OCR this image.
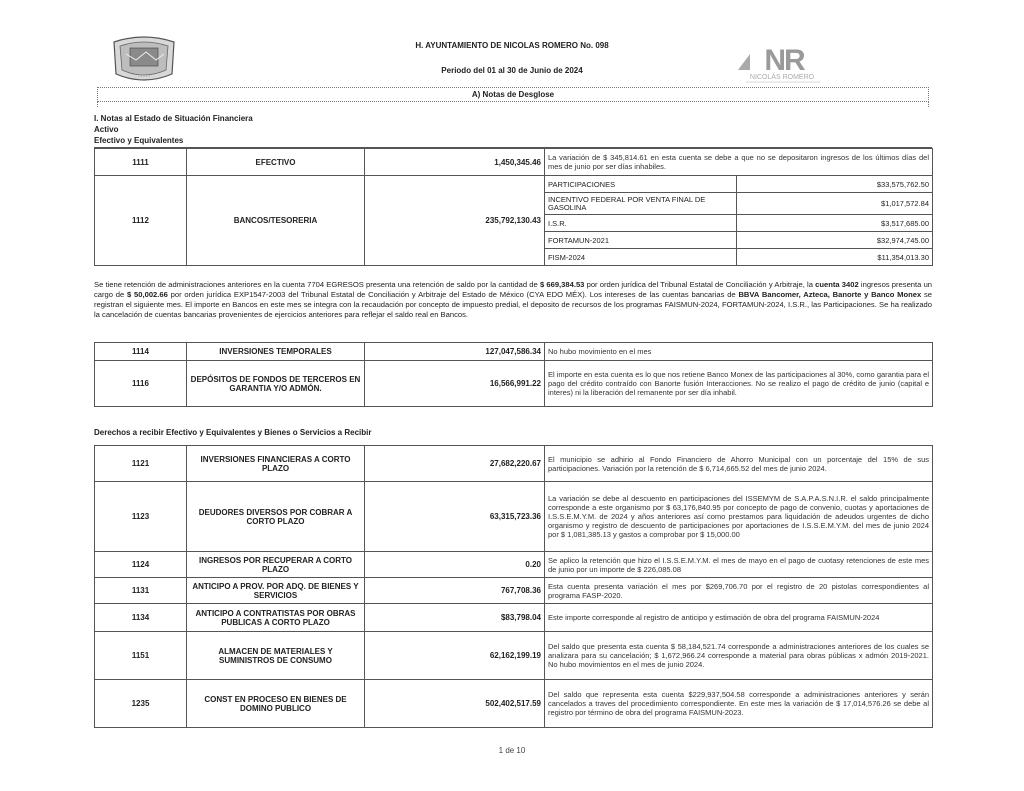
· · · · ·	NR
NICOLÁS ROMERO
H. AYUNTAMIENTO DE NICOLAS ROMERO No. 098
Periodo del 01 al 30 de Junio de 2024
A) Notas de Desglose
I. Notas al Estado de Situación Financiera
Activo
Efectivo y Equivalentes
1111	EFECTIVO	1,450,345.46	La variación de $ 345,814.61 en esta cuenta se debe a que no se depositaron ingresos de los últimos días del mes de junio por ser días inhabiles.	
1112	BANCOS/TESORERIA	235,792,130.43	PARTICIPACIONES	$33,575,762.50
			INCENTIVO FEDERAL POR VENTA FINAL DE GASOLINA	$1,017,572.84
			I.S.R.	$3,517,685.00
			FORTAMUN-2021	$32,974,745.00
			FISM-2024	$11,354,013.30
Se tiene retención de administraciones anteriores en la cuenta 7704 EGRESOS presenta una retención de saldo por la cantidad de $ 669,384.53 por orden jurídica del Tribunal Estatal de Conciliación y Arbitraje, la cuenta 3402 ingresos presenta un cargo de $ 50,002.66 por orden jurídica EXP1547-2003 del Tribunal Estatal de Conciliación y Arbitraje del Estado de México (CYA EDO MÉX). Los intereses de las cuentas bancarias de BBVA Bancomer, Azteca, Banorte y Banco Monex se registran el siguiente mes. El importe en Bancos en este mes se integra con la recaudación por concepto de impuesto predial, el deposito de recursos de los programas FAISMUN-2024, FORTAMUN-2024, I.S.R., las Participaciones. Se ha realizado la cancelación de cuentas bancarias provenientes de ejercicios anteriores para reflejar el saldo real en Bancos.
1114	INVERSIONES TEMPORALES	127,047,586.34	No hubo movimiento en el mes
1116	DEPÓSITOS DE FONDOS DE TERCEROS EN GARANTIA Y/O ADMÓN.	16,566,991.22	El importe en esta cuenta es lo que nos retiene Banco Monex de las participaciones al 30%, como garantia para el pago del crédito contraído con Banorte fusión Interacciones. No se realizo el pago de crédito de junio (capital e interes) ni la liberación del remanente por ser día inhabil.
Derechos a recibir Efectivo y Equivalentes y Bienes o Servicios a Recibir
1121	INVERSIONES FINANCIERAS A CORTO PLAZO	27,682,220.67	El municipio se adhirio al Fondo Financiero de Ahorro Municipal con un porcentaje del 15% de sus participaciones. Variación por la retención de $ 6,714,665.52 del mes de junio 2024.
1123	DEUDORES DIVERSOS POR COBRAR A CORTO PLAZO	63,315,723.36	La variación se debe al descuento en participaciones del ISSEMYM de S.A.P.A.S.N.I.R. el saldo principalmente corresponde a este organismo por $ 63,176,840.95 por concepto de pago de convenio, cuotas y aportaciones de I.S.S.E.M.Y.M. de 2024 y años anteriores así como prestamos para liquidación de adeudos urgentes de dicho organismo y registro de descuento de participaciones por aportaciones de I.S.S.E.M.Y.M. del mes de junio 2024 por $ 1,081,385.13 y gastos a comprobar por $ 15,000.00
1124	INGRESOS POR RECUPERAR A CORTO PLAZO	0.20	Se aplico la retención que hizo el I.S.S.E.M.Y.M. el mes de mayo en el pago de cuotasy retenciones de este mes de junio por un importe de $ 226,085.08
1131	ANTICIPO A PROV. POR ADQ. DE BIENES Y SERVICIOS	767,708.36	Esta cuenta presenta variación el mes por $269,706.70 por el registro de 20 pistolas correspondientes al programa FASP-2020.
1134	ANTICIPO A CONTRATISTAS POR OBRAS PUBLICAS A CORTO PLAZO	$83,798.04	Este importe corresponde al registro de anticipo y estimación de obra del programa FAISMUN-2024
1151	ALMACEN DE MATERIALES Y SUMINISTROS DE CONSUMO	62,162,199.19	Del saldo que presenta esta cuenta $ 58,184,521.74 corresponde a administraciones anteriores de los cuales se analizara para su cancelación; $ 1,672,966.24 corresponde a material para obras públicas x admón 2019-2021. No hubo movimientos en el mes de junio 2024.
1235	CONST EN PROCESO EN BIENES DE DOMINO PUBLICO	502,402,517.59	Del saldo que representa esta cuenta $229,937,504.58 corresponde a administraciones anteriores y serán cancelados a traves del procedimiento correspondiente. En este mes la variación de $ 17,014,576.26 se debe al registro por término de obra del programa FAISMUN-2023.
1 de 10
